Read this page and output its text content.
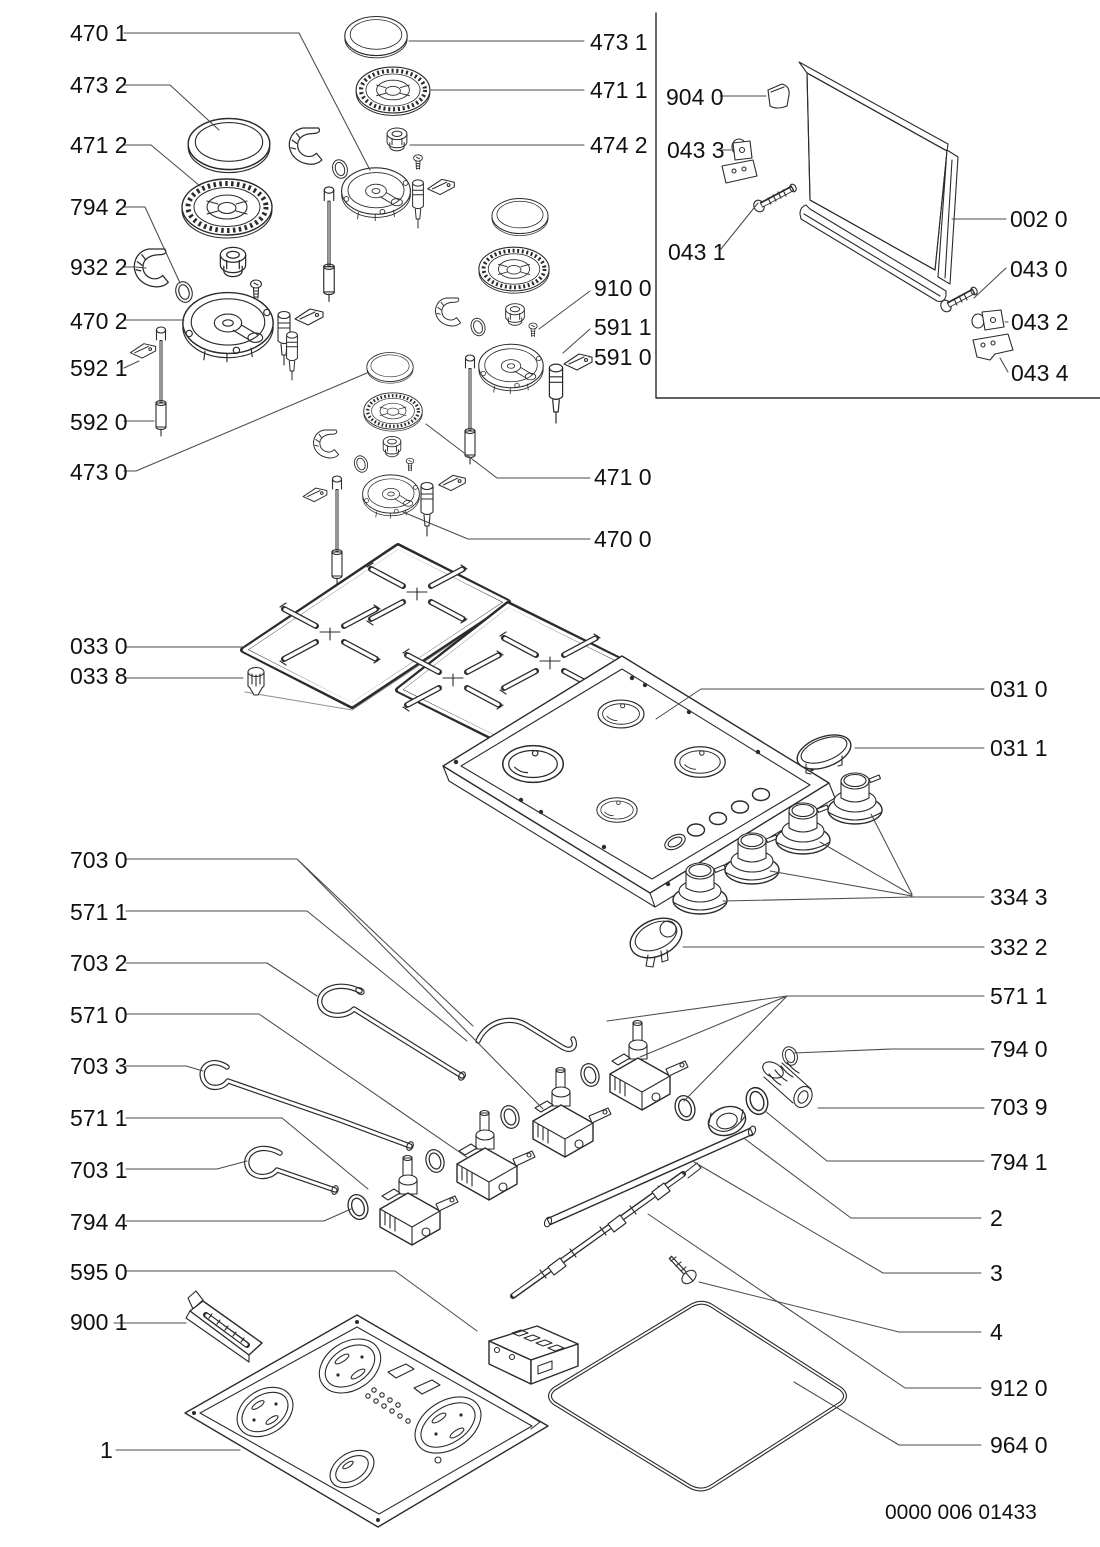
470 1
473 2
471 2
794 2
932 2
470 2
592 1
592 0
473 0
033 0
033 8
703 0
571 1
703 2
571 0
703 3
571 1
703 1
794 4
595 0
900 1
1
473 1
471 1
474 2
910 0
591 1
591 0
471 0
470 0
904 0
043 3
043 1
002 0
043 0
043 2
043 4
031 0
031 1
334 3
332 2
571 1
794 0
703 9
794 1
2
3
4
912 0
964 0
0000 006 01433
